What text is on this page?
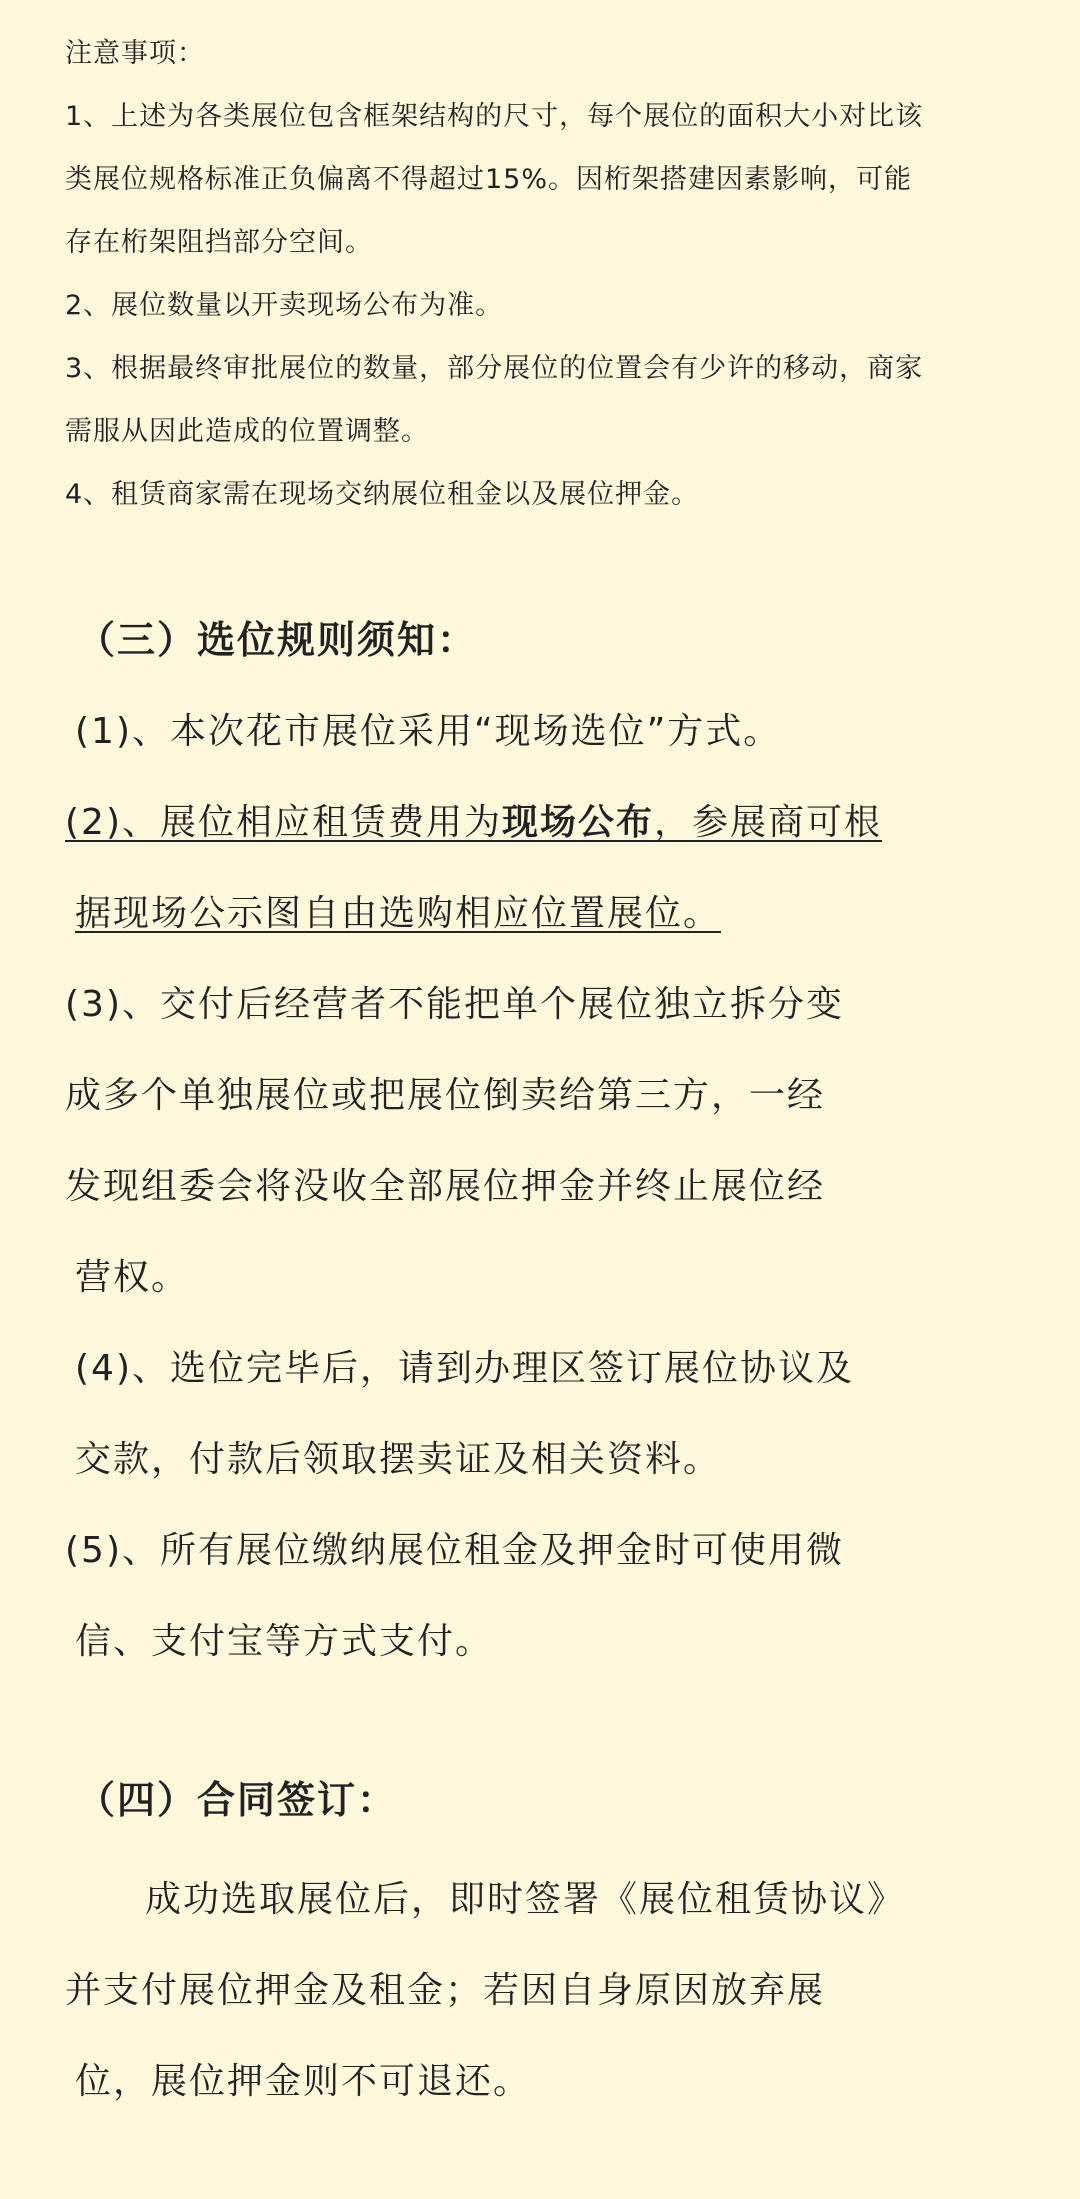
注意事项：

1、上述为各类展位包含框架结构的尺寸，每个展位的面积大小对比该

类展位规格标准正负偏离不得超过15%。因桁架搭建因素影响，可能

存在桁架阻挡部分空间。

2、展位数量以开卖现场公布为准。

3、根据最终审批展位的数量，部分展位的位置会有少许的移动，商家

需服从因此造成的位置调整。

4、租赁商家需在现场交纳展位租金以及展位押金。

（三）选位规则须知：

(1)、本次花市展位采用“现场选位”方式。

(2)、展位相应租赁费用为现场公布，参展商可根

据现场公示图自由选购相应位置展位。

(3)、交付后经营者不能把单个展位独立拆分变

成多个单独展位或把展位倒卖给第三方，一经

发现组委会将没收全部展位押金并终止展位经

营权。

(4)、选位完毕后，请到办理区签订展位协议及

交款，付款后领取摆卖证及相关资料。

(5)、所有展位缴纳展位租金及押金时可使用微

信、支付宝等方式支付。

（四）合同签订：

成功选取展位后，即时签署《展位租赁协议》

并支付展位押金及租金；若因自身原因放弃展

位，展位押金则不可退还。
